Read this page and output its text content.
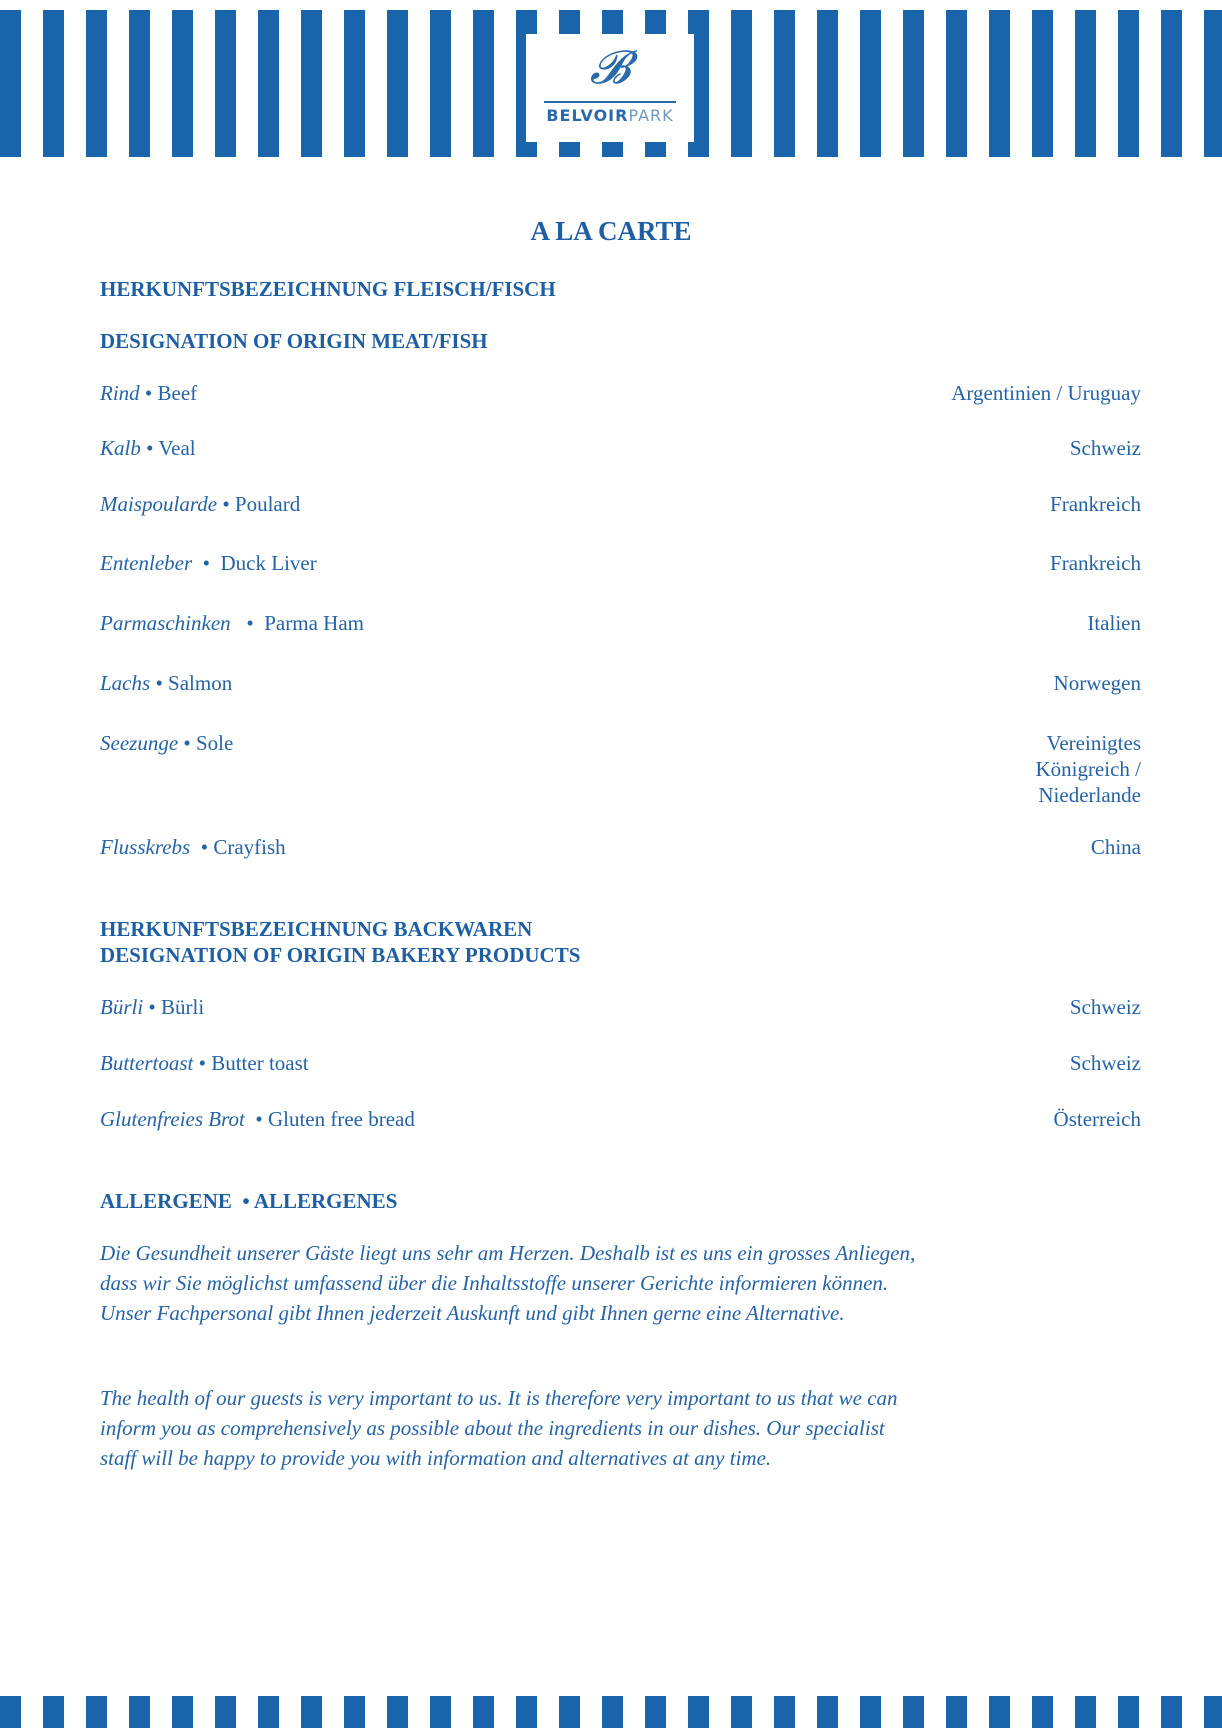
𝓑
BELVOIRPARK
A LA CARTE
HERKUNFTSBEZEICHNUNG FLEISCH/FISCH
DESIGNATION OF ORIGIN MEAT/FISH
Rind • Beef	Argentinien / Uruguay
Kalb • Veal	Schweiz
Maispoularde • Poulard	Frankreich
Entenleber • Duck Liver	Frankreich
Parmaschinken • Parma Ham	Italien
Lachs • Salmon	Norwegen
Seezunge • Sole	Vereinigtes
Königreich /
Niederlande
Flusskrebs • Crayfish	China
HERKUNFTSBEZEICHNUNG BACKWAREN
DESIGNATION OF ORIGIN BAKERY PRODUCTS
Bürli • Bürli	Schweiz
Buttertoast • Butter toast	Schweiz
Glutenfreies Brot • Gluten free bread	Österreich
ALLERGENE • ALLERGENES

Die Gesundheit unserer Gäste liegt uns sehr am Herzen. Deshalb ist es uns ein grosses Anliegen, dass wir Sie möglichst umfassend über die Inhaltsstoffe unserer Gerichte informieren können. Unser Fachpersonal gibt Ihnen jederzeit Auskunft und gibt Ihnen gerne eine Alternative.

The health of our guests is very important to us. It is therefore very important to us that we can inform you as comprehensively as possible about the ingredients in our dishes. Our specialist staff will be happy to provide you with information and alternatives at any time.
